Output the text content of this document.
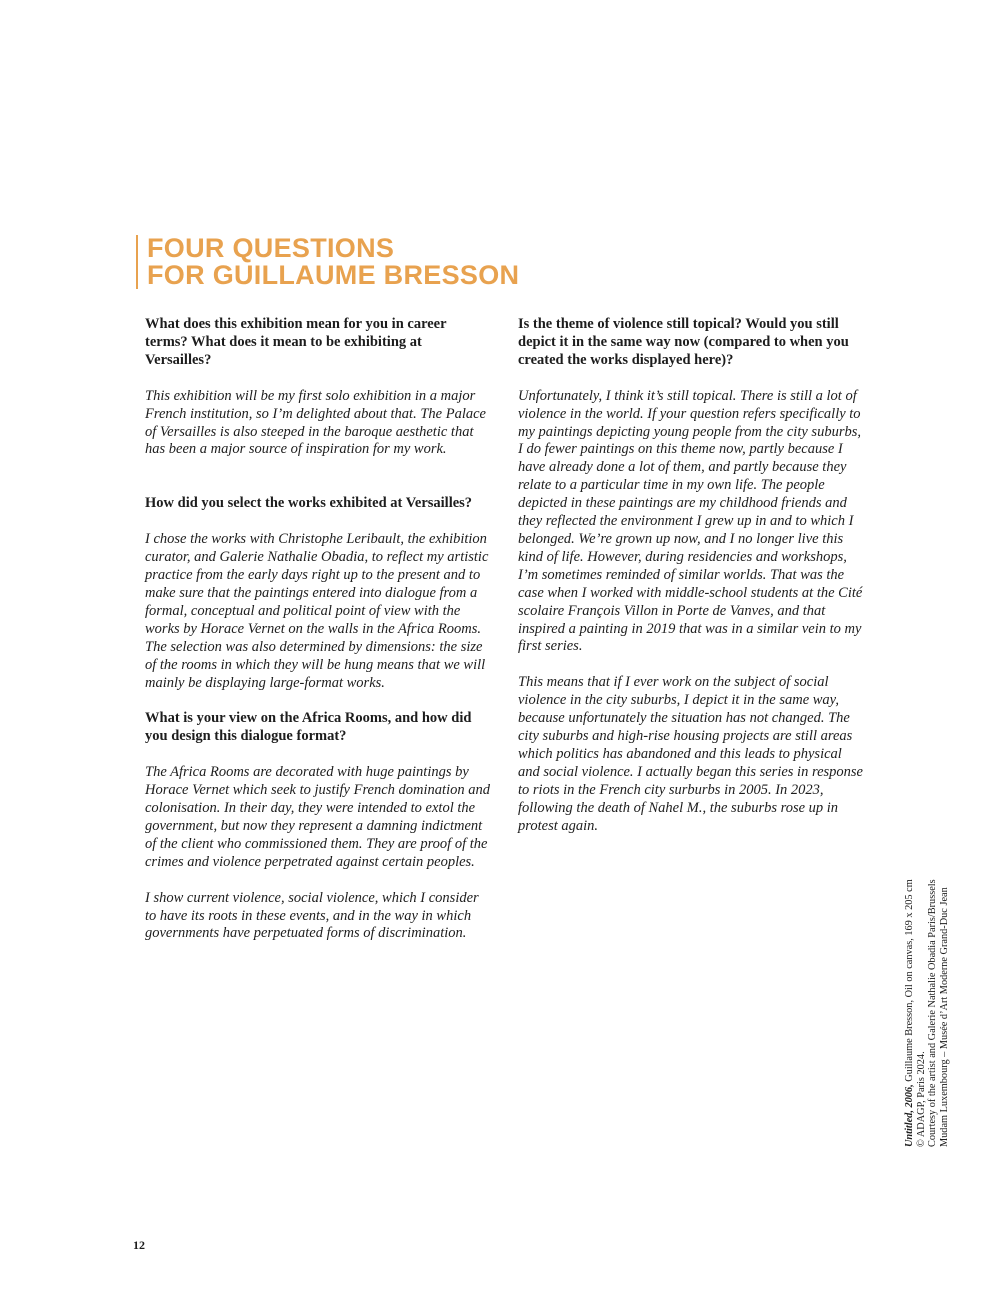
FOUR QUESTIONS
FOR GUILLAUME BRESSON

What does this exhibition mean for you in career terms? What does it mean to be exhibiting at Versailles?

This exhibition will be my first solo exhibition in a major French institution, so I’m delighted about that. The Palace of Versailles is also steeped in the baroque aesthetic that has been a major source of inspiration for my work.

How did you select the works exhibited at Versailles?

I chose the works with Christophe Leribault, the exhibition curator, and Galerie Nathalie Obadia, to reflect my artistic practice from the early days right up to the present and to make sure that the paintings entered into dialogue from a formal, conceptual and political point of view with the works by Horace Vernet on the walls in the Africa Rooms.

The selection was also determined by dimensions: the size of the rooms in which they will be hung means that we will mainly be displaying large-format works.

What is your view on the Africa Rooms, and how did you design this dialogue format?

The Africa Rooms are decorated with huge paintings by Horace Vernet which seek to justify French domination and colonisation. In their day, they were intended to extol the government, but now they represent a damning indictment of the client who commissioned them. They are proof of the crimes and violence perpetrated against certain peoples.

I show current violence, social violence, which I consider to have its roots in these events, and in the way in which governments have perpetuated forms of discrimination.

Is the theme of violence still topical? Would you still depict it in the same way now (compared to when you created the works displayed here)?

Unfortunately, I think it’s still topical. There is still a lot of violence in the world. If your question refers specifically to my paintings depicting young people from the city suburbs, I do fewer paintings on this theme now, partly because I have already done a lot of them, and partly because they relate to a particular time in my own life. The people depicted in these paintings are my childhood friends and they reflected the environment I grew up in and to which I belonged. We’re grown up now, and I no longer live this kind of life. However, during residencies and workshops, I’m sometimes reminded of similar worlds. That was the case when I worked with middle-school students at the Cité scolaire François Villon in Porte de Vanves, and that inspired a painting in 2019 that was in a similar vein to my first series.

This means that if I ever work on the subject of social violence in the city suburbs, I depict it in the same way, because unfortunately the situation has not changed. The city suburbs and high-rise housing projects are still areas which politics has abandoned and this leads to physical and social violence. I actually began this series in response to riots in the French city surburbs in 2005. In 2023, following the death of Nahel M., the suburbs rose up in protest again.

Untitled, 2006, Guillaume Bresson, Oil on canvas, 169 x 205 cm
© ADAGP, Paris 2024. Courtesy of the artist and Galerie Nathalie Obadia Paris/Brussels Mudam Luxembourg – Musée d’Art Moderne Grand-Duc Jean
12
